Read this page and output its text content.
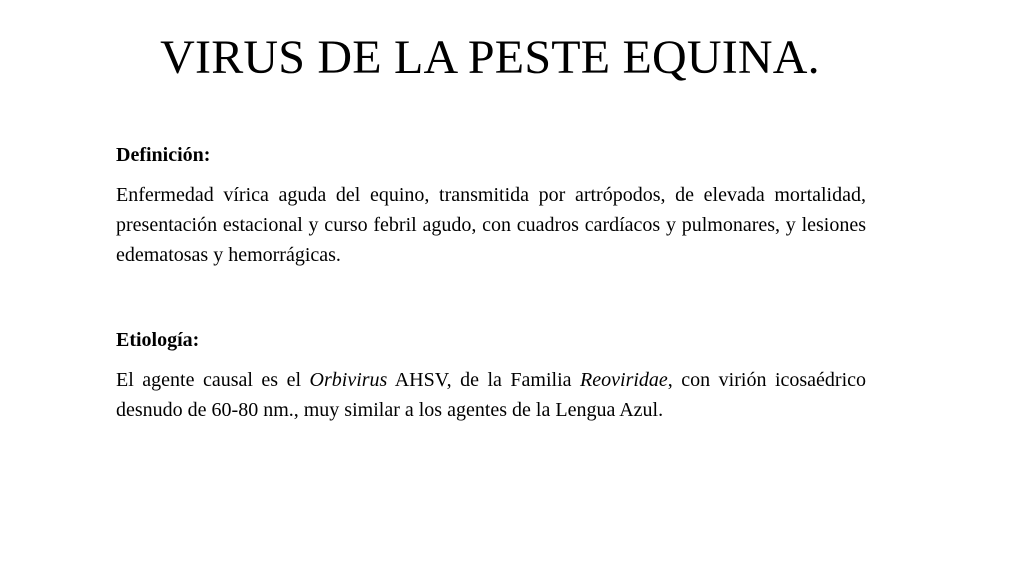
VIRUS DE LA PESTE EQUINA.

Definición:

Enfermedad vírica aguda del equino, transmitida por artrópodos, de elevada mortalidad, presentación estacional y curso febril agudo, con cuadros cardíacos y pulmonares, y lesiones edematosas y hemorrágicas.

Etiología:

El agente causal es el Orbivirus AHSV, de la Familia Reoviridae, con virión icosaédrico desnudo de 60-80 nm., muy similar a los agentes de la Lengua Azul.
